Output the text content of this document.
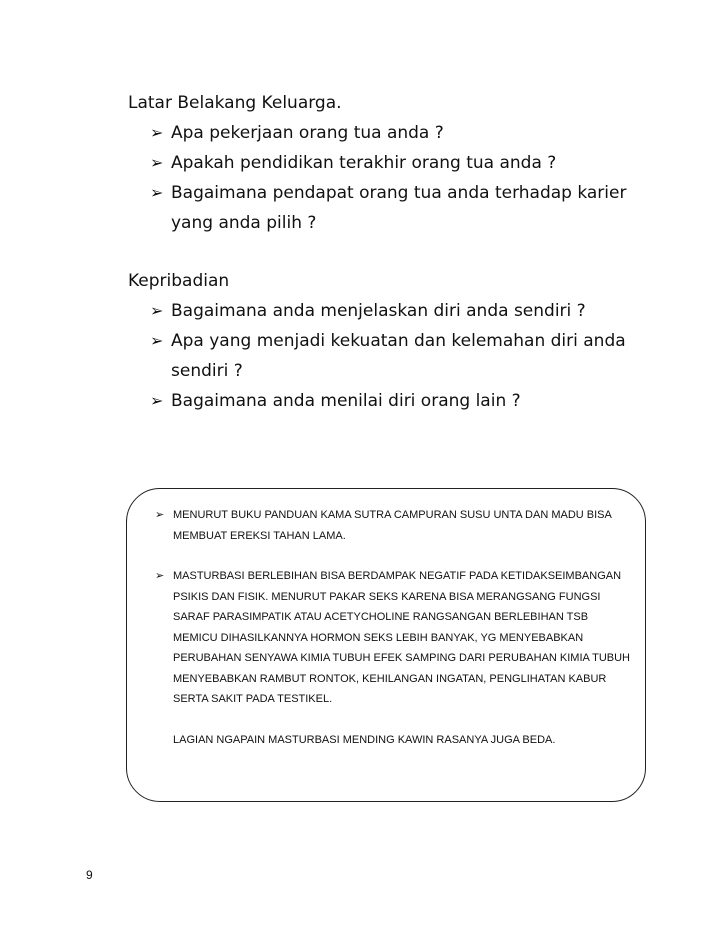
Latar Belakang Keluarga.
➢ Apa pekerjaan orang tua anda ?
➢ Apakah pendidikan terakhir orang tua anda ?
➢ Bagaimana pendapat orang tua anda terhadap karier yang anda pilih ?
Kepribadian
➢ Bagaimana anda menjelaskan diri anda sendiri ?
➢ Apa yang menjadi kekuatan dan kelemahan diri anda sendiri ?
➢ Bagaimana anda menilai diri orang lain ?

➢ MENURUT BUKU PANDUAN KAMA SUTRA CAMPURAN SUSU UNTA DAN MADU BISA MEMBUAT EREKSI TAHAN LAMA.

➢ MASTURBASI BERLEBIHAN BISA BERDAMPAK NEGATIF PADA KETIDAKSEIMBANGAN PSIKIS DAN FISIK. MENURUT PAKAR SEKS KARENA BISA MERANGSANG FUNGSI SARAF PARASIMPATIK ATAU ACETYCHOLINE RANGSANGAN BERLEBIHAN TSB MEMICU DIHASILKANNYA HORMON SEKS LEBIH BANYAK, YG MENYEBABKAN PERUBAHAN SENYAWA KIMIA TUBUH EFEK SAMPING DARI PERUBAHAN KIMIA TUBUH MENYEBABKAN RAMBUT RONTOK, KEHILANGAN INGATAN, PENGLIHATAN KABUR SERTA SAKIT PADA TESTIKEL.

LAGIAN NGAPAIN MASTURBASI MENDING KAWIN RASANYA JUGA BEDA.

9
